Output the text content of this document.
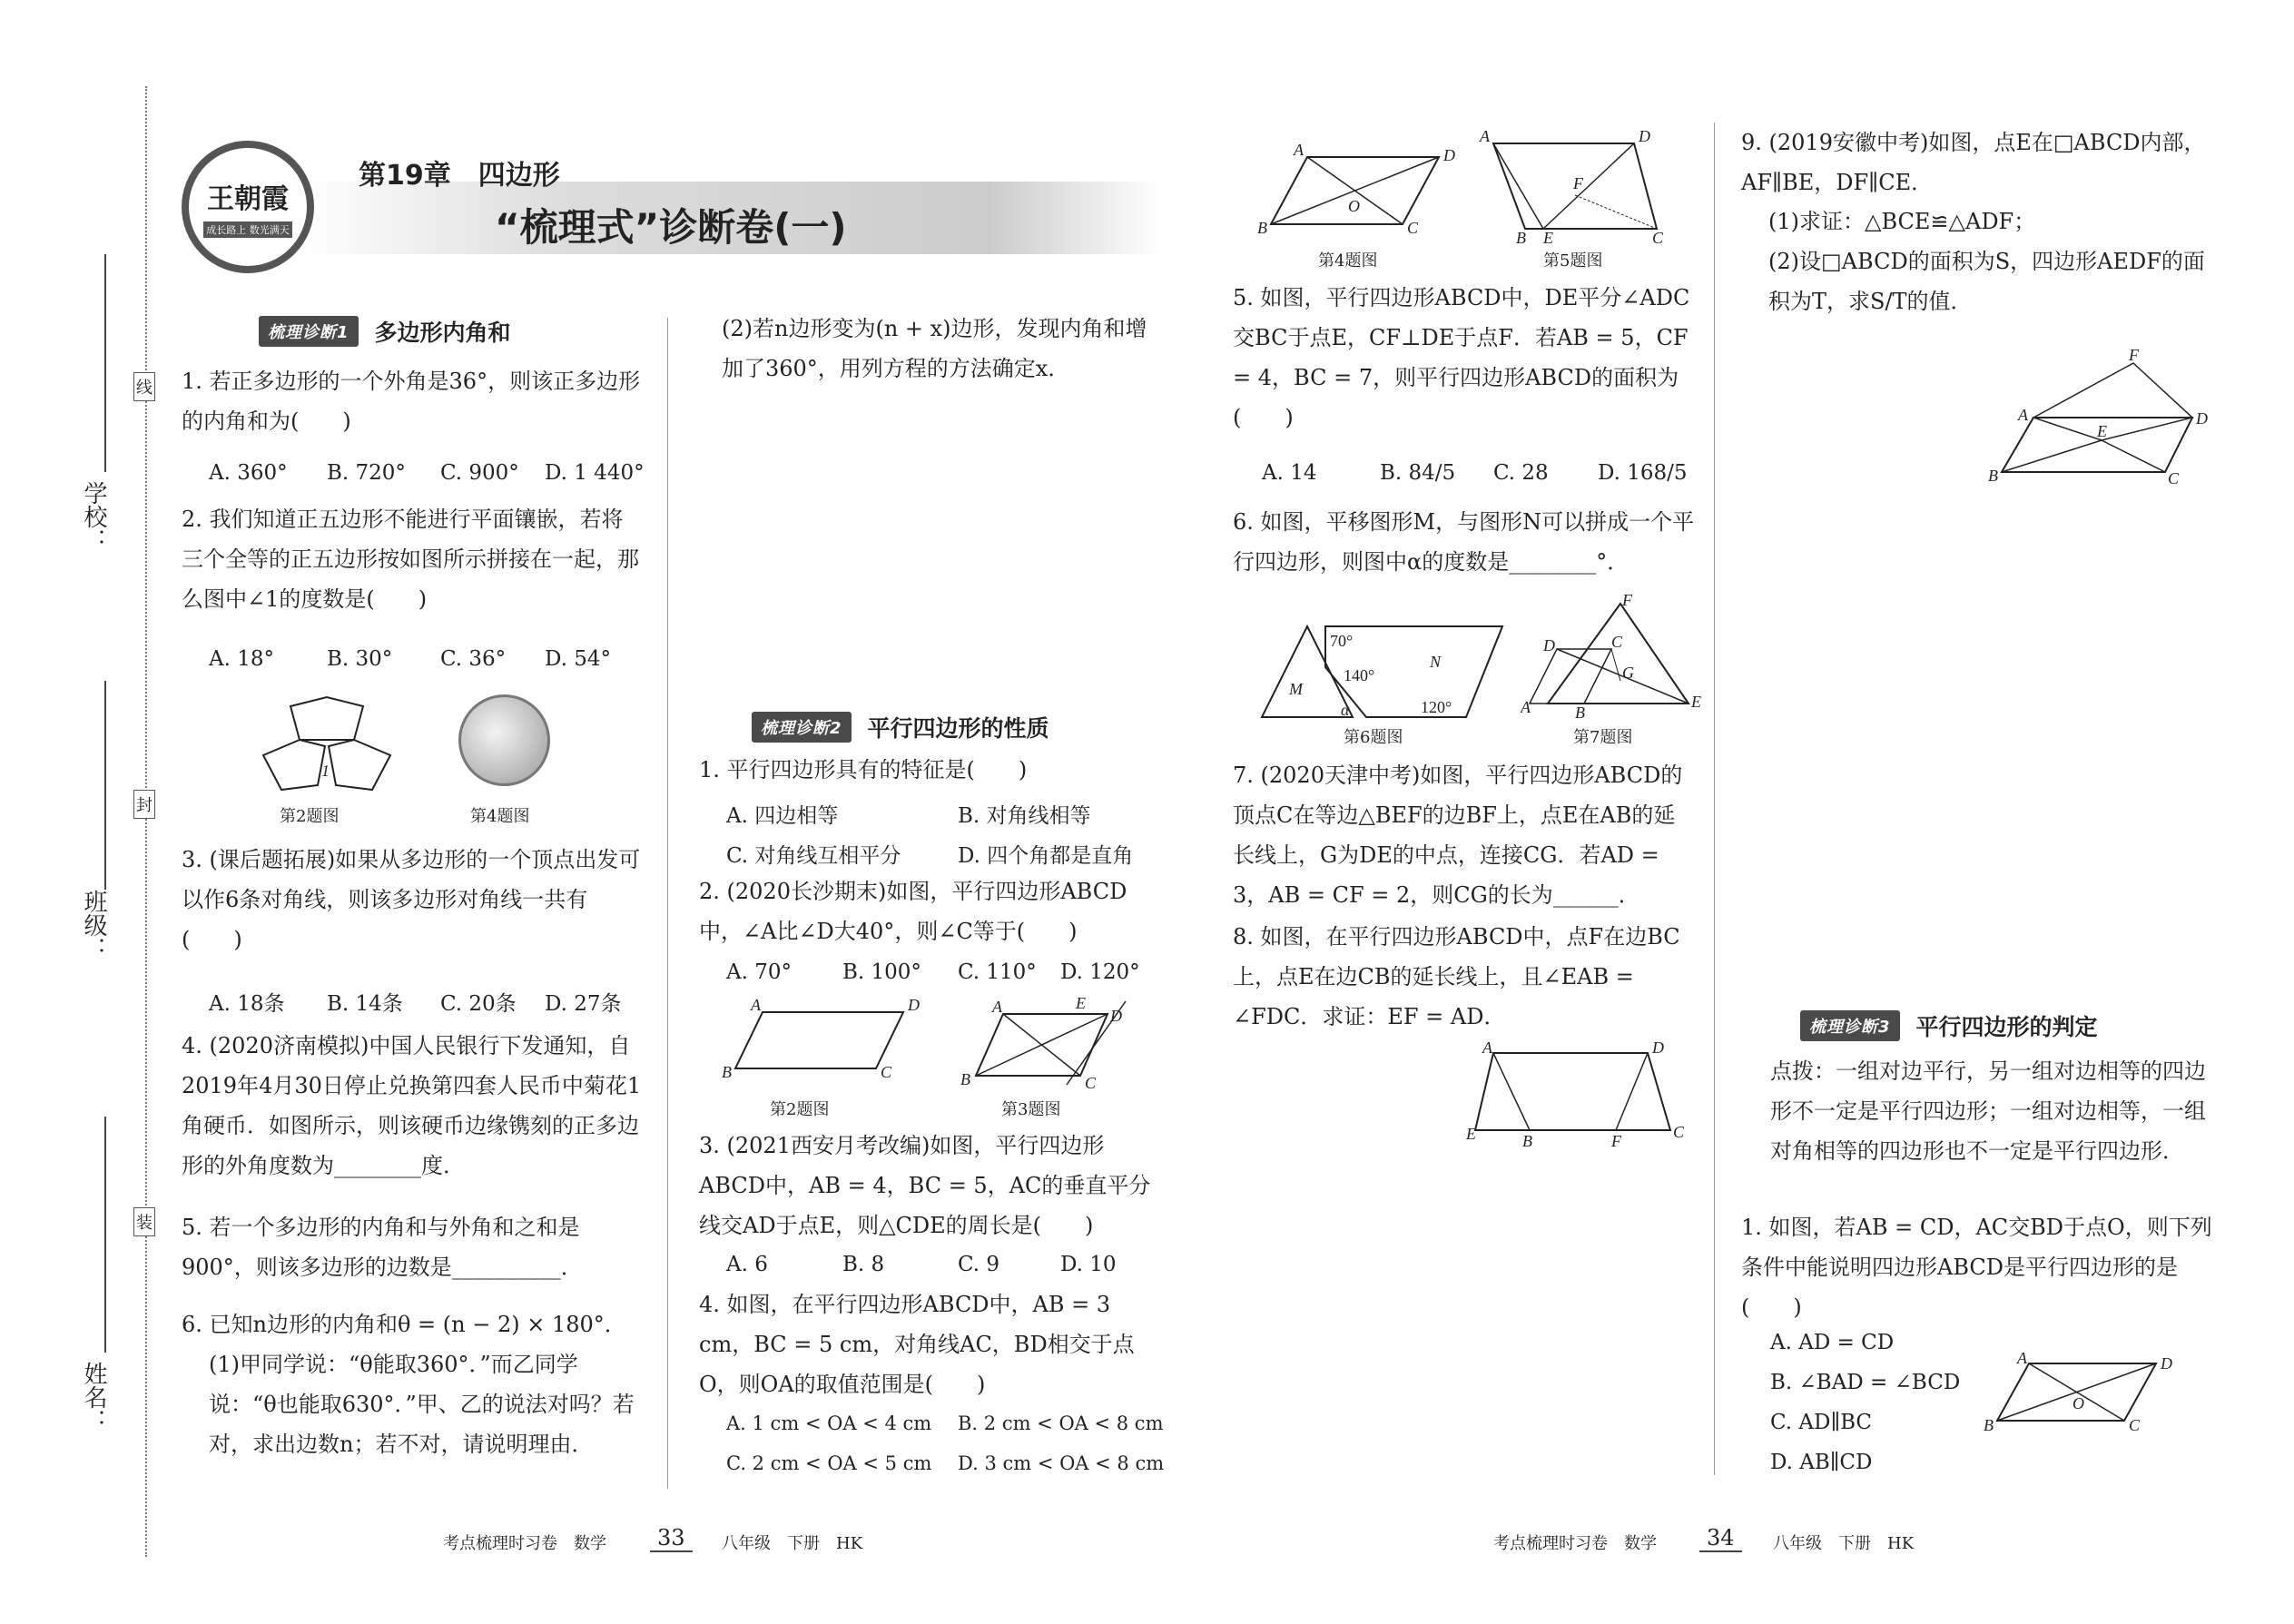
学校：
班级：
姓名：
线
封
装
王朝霞
成长路上 数光满天
第19章　四边形
“梳理式”诊断卷(一)
梳理诊断1	多边形内角和
1. 若正多边形的一个外角是36°，则该正多边形的内角和为(　　)
A. 360° B. 720° C. 900° D. 1 440°
2. 我们知道正五边形不能进行平面镶嵌，若将三个全等的正五边形按如图所示拼接在一起，那么图中∠1的度数是(　　)
A. 18°	B. 30° C. 36° D. 54°
1
第2题图	第4题图
3. (课后题拓展)如果从多边形的一个顶点出发可以作6条对角线，则该多边形对角线一共有(　　)
A. 18条 B. 14条 C. 20条 D. 27条
4. (2020济南模拟)中国人民银行下发通知，自2019年4月30日停止兑换第四套人民币中菊花1角硬币．如图所示，则该硬币边缘镌刻的正多边形的外角度数为________度．
5. 若一个多边形的内角和与外角和之和是900°，则该多边形的边数是__________．
6. 已知n边形的内角和θ = (n − 2) × 180°．
(1)甲同学说：“θ能取360°．”而乙同学说：“θ也能取630°．”甲、乙的说法对吗？若对，求出边数n；若不对，请说明理由．
(2)若n边形变为(n + x)边形，发现内角和增加了360°，用列方程的方法确定x．
梳理诊断2	平行四边形的性质
1. 平行四边形具有的特征是(　　)
A. 四边相等	B. 对角线相等
C. 对角线互相平分	D. 四个角都是直角
2. (2020长沙期末)如图，平行四边形ABCD中，∠A比∠D大40°，则∠C等于(　　)
A. 70° B. 100° C. 110° D. 120°
A	D
B	C
A	E
D
B	C
第2题图	第3题图
3. (2021西安月考改编)如图，平行四边形ABCD中，AB = 4，BC = 5，AC的垂直平分线交AD于点E，则△CDE的周长是(　　)
A. 6	B. 8	C. 9	D. 10
4. 如图，在平行四边形ABCD中，AB = 3 cm，BC = 5 cm，对角线AC，BD相交于点O，则OA的取值范围是(　　)
A. 1 cm < OA < 4 cm B. 2 cm < OA < 8 cm
C. 2 cm < OA < 5 cm D. 3 cm < OA < 8 cm
考点梳理时习卷　数学	33	八年级　下册　HK
A	D
B	C
O
A	D
B E	C
F
第4题图	第5题图
5. 如图，平行四边形ABCD中，DE平分∠ADC交BC于点E，CF⊥DE于点F．若AB = 5，CF = 4，BC = 7，则平行四边形ABCD的面积为(　　)
A. 14	B. 84/5 C. 28 D. 168/5
6. 如图，平移图形M，与图形N可以拼成一个平行四边形，则图中α的度数是________°．
70°
140°
120°
α
M
N
F
D	C
G
A	B
E
第6题图	第7题图
7. (2020天津中考)如图，平行四边形ABCD的顶点C在等边△BEF的边BF上，点E在AB的延长线上，G为DE的中点，连接CG．若AD = 3，AB = CF = 2，则CG的长为______．
8. 如图，在平行四边形ABCD中，点F在边BC上，点E在边CB的延长线上，且∠EAB = ∠FDC．求证：EF = AD．
A	D
E	B	F	C
考点梳理时习卷　数学	34	八年级　下册　HK
9. (2019安徽中考)如图，点E在□ABCD内部，AF∥BE，DF∥CE．
(1)求证：△BCE≌△ADF；
(2)设□ABCD的面积为S，四边形AEDF的面积为T，求S/T的值．
F
A	D
E
B	C
梳理诊断3	平行四边形的判定
点拨：一组对边平行，另一组对边相等的四边形不一定是平行四边形；一组对边相等，一组对角相等的四边形也不一定是平行四边形．
1. 如图，若AB = CD，AC交BD于点O，则下列条件中能说明四边形ABCD是平行四边形的是(　　)
A. AD = CD
B. ∠BAD = ∠BCD
C. AD∥BC
D. AB∥CD
A	D
B	C
O
